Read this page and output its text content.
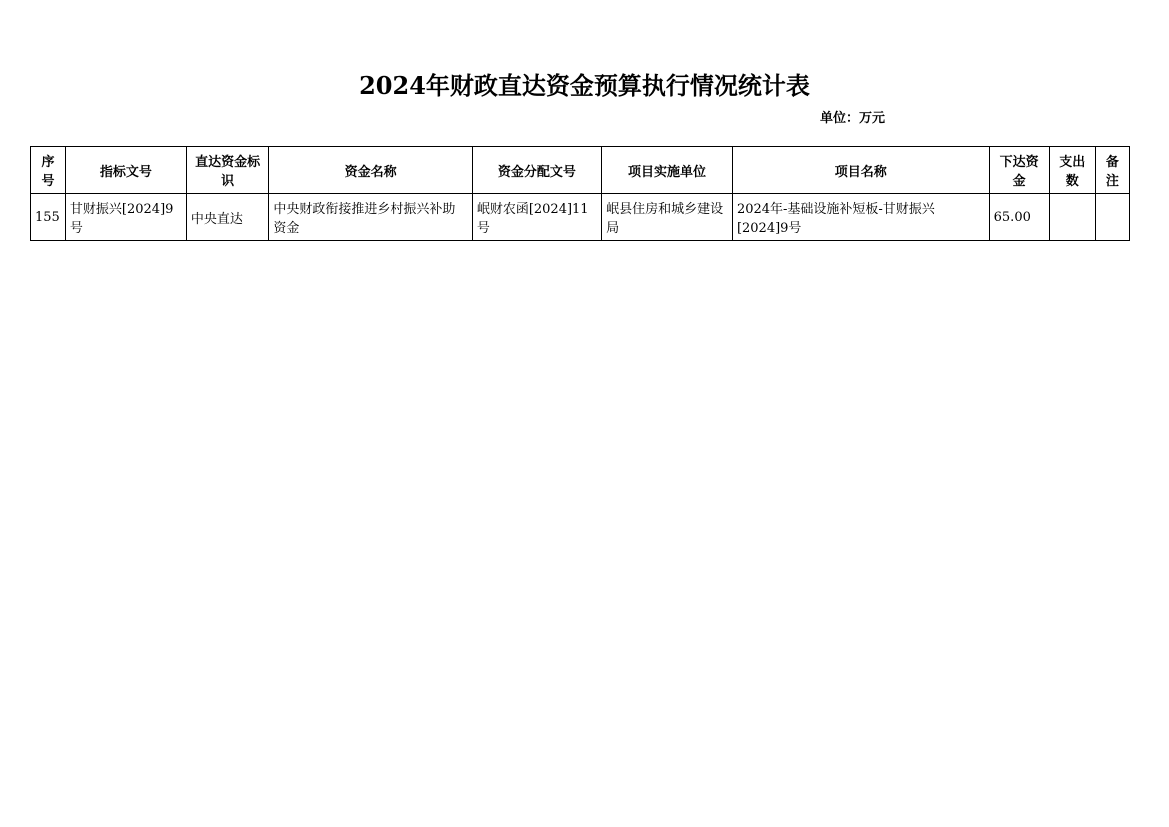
2024年财政直达资金预算执行情况统计表
单位：万元
序号	指标文号	直达资金标识	资金名称	资金分配文号	项目实施单位	项目名称	下达资金	支出数	备注
155	甘财振兴[2024]9号	中央直达	中央财政衔接推进乡村振兴补助资金	岷财农函[2024]11号	岷县住房和城乡建设局	2024年-基础设施补短板-甘财振兴[2024]9号	65.00		
